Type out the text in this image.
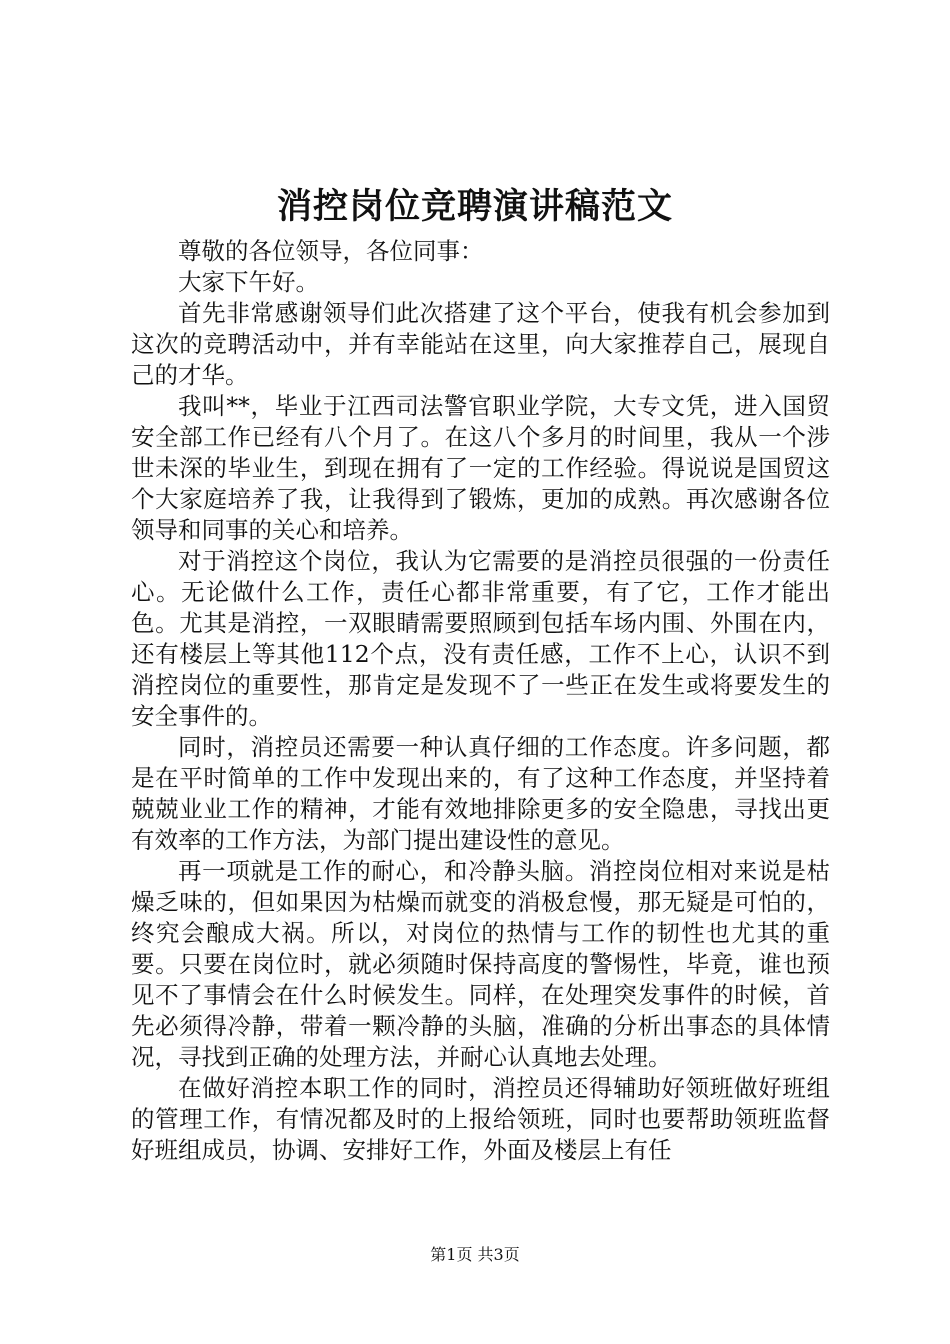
消控岗位竞聘演讲稿范文

尊敬的各位领导，各位同事：

大家下午好。

首先非常感谢领导们此次搭建了这个平台，使我有机会参加到这次的竞聘活动中，并有幸能站在这里，向大家推荐自己，展现自己的才华。

我叫**，毕业于江西司法警官职业学院，大专文凭，进入国贸安全部工作已经有八个月了。在这八个多月的时间里，我从一个涉世未深的毕业生，到现在拥有了一定的工作经验。得说说是国贸这个大家庭培养了我，让我得到了锻炼，更加的成熟。再次感谢各位领导和同事的关心和培养。

对于消控这个岗位，我认为它需要的是消控员很强的一份责任心。无论做什么工作，责任心都非常重要，有了它，工作才能出色。尤其是消控，一双眼睛需要照顾到包括车场内围、外围在内，还有楼层上等其他112个点，没有责任感，工作不上心，认识不到消控岗位的重要性，那肯定是发现不了一些正在发生或将要发生的安全事件的。

同时，消控员还需要一种认真仔细的工作态度。许多问题，都是在平时简单的工作中发现出来的，有了这种工作态度，并坚持着兢兢业业工作的精神，才能有效地排除更多的安全隐患，寻找出更有效率的工作方法，为部门提出建设性的意见。

再一项就是工作的耐心，和冷静头脑。消控岗位相对来说是枯燥乏味的，但如果因为枯燥而就变的消极怠慢，那无疑是可怕的，终究会酿成大祸。所以，对岗位的热情与工作的韧性也尤其的重要。只要在岗位时，就必须随时保持高度的警惕性，毕竟，谁也预见不了事情会在什么时候发生。同样，在处理突发事件的时候，首先必须得冷静，带着一颗冷静的头脑，准确的分析出事态的具体情况，寻找到正确的处理方法，并耐心认真地去处理。

在做好消控本职工作的同时，消控员还得辅助好领班做好班组的管理工作，有情况都及时的上报给领班，同时也要帮助领班监督好班组成员，协调、安排好工作，外面及楼层上有任

第1页 共3页
